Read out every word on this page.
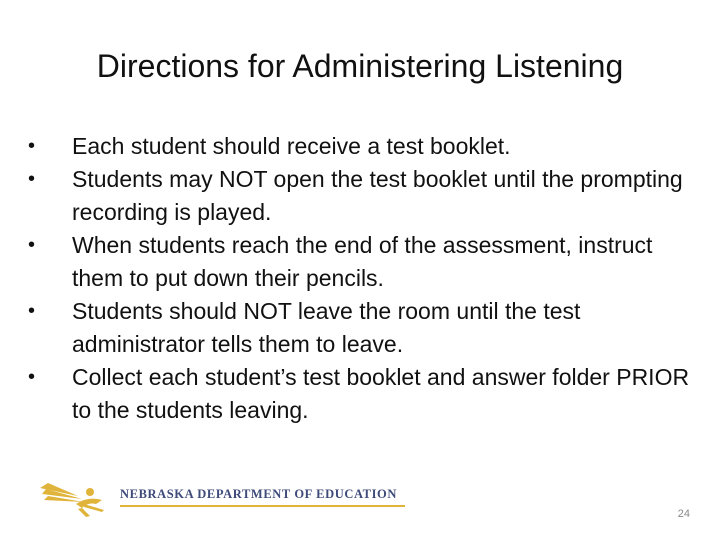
Directions for Administering Listening
•	Each student should receive a test booklet.
•	Students may NOT open the test booklet until the prompting recording is played.
•	When students reach the end of the assessment, instruct them to put down their pencils.
•	Students should NOT leave the room until the test administrator tells them to leave.
•	Collect each student’s test booklet and answer folder PRIOR to the students leaving.
NEBRASKA DEPARTMENT OF EDUCATION
24
